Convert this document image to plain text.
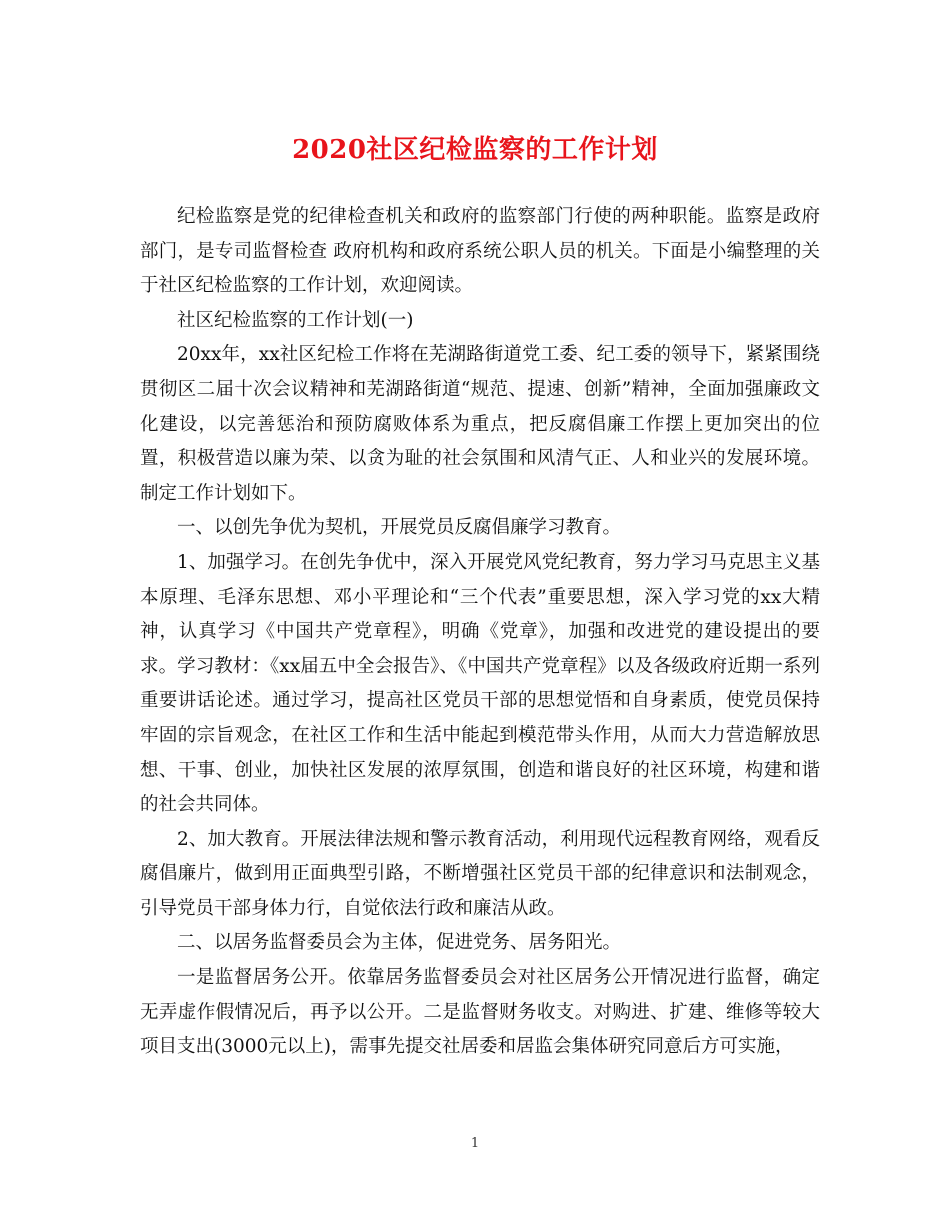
2020社区纪检监察的工作计划

纪检监察是党的纪律检查机关和政府的监察部门行使的两种职能。监察是政府部门，是专司监督检查 政府机构和政府系统公职人员的机关。下面是小编整理的关于社区纪检监察的工作计划，欢迎阅读。

社区纪检监察的工作计划(一)

20xx年，xx社区纪检工作将在芜湖路街道党工委、纪工委的领导下，紧紧围绕贯彻区二届十次会议精神和芜湖路街道“规范、提速、创新”精神，全面加强廉政文化建设，以完善惩治和预防腐败体系为重点，把反腐倡廉工作摆上更加突出的位置，积极营造以廉为荣、以贪为耻的社会氛围和风清气正、人和业兴的发展环境。制定工作计划如下。

一、以创先争优为契机，开展党员反腐倡廉学习教育。

1、加强学习。在创先争优中，深入开展党风党纪教育，努力学习马克思主义基本原理、毛泽东思想、邓小平理论和“三个代表”重要思想，深入学习党的xx大精神，认真学习《中国共产党章程》，明确《党章》，加强和改进党的建设提出的要求。学习教材：《xx届五中全会报告》、《中国共产党章程》以及各级政府近期一系列重要讲话论述。通过学习，提高社区党员干部的思想觉悟和自身素质，使党员保持牢固的宗旨观念，在社区工作和生活中能起到模范带头作用，从而大力营造解放思想、干事、创业，加快社区发展的浓厚氛围，创造和谐良好的社区环境，构建和谐的社会共同体。

2、加大教育。开展法律法规和警示教育活动，利用现代远程教育网络，观看反腐倡廉片，做到用正面典型引路，不断增强社区党员干部的纪律意识和法制观念，引导党员干部身体力行，自觉依法行政和廉洁从政。

二、以居务监督委员会为主体，促进党务、居务阳光。

一是监督居务公开。依靠居务监督委员会对社区居务公开情况进行监督，确定无弄虚作假情况后，再予以公开。二是监督财务收支。对购进、扩建、维修等较大项目支出(3000元以上)，需事先提交社居委和居监会集体研究同意后方可实施，

1
